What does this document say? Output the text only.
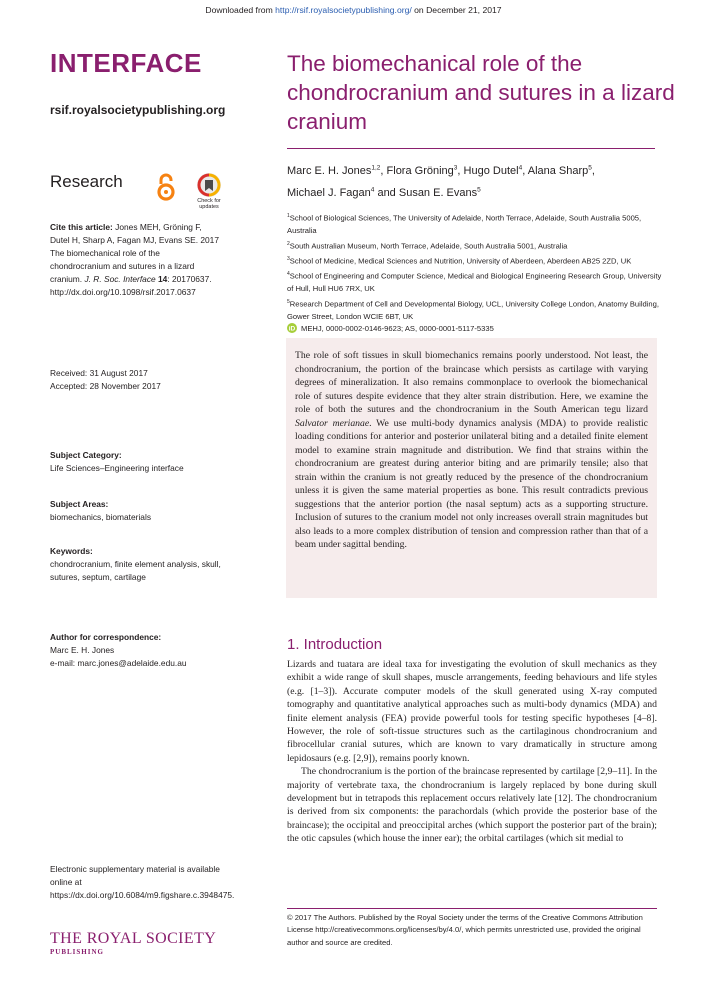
Downloaded from http://rsif.royalsocietypublishing.org/ on December 21, 2017
INTERFACE
rsif.royalsocietypublishing.org
Research
Check for
updates
Cite this article: Jones MEH, Gröning F, Dutel H, Sharp A, Fagan MJ, Evans SE. 2017 The biomechanical role of the chondrocranium and sutures in a lizard cranium. J. R. Soc. Interface 14: 20170637.
http://dx.doi.org/10.1098/rsif.2017.0637
Received: 31 August 2017
Accepted: 28 November 2017
Subject Category:
Life Sciences–Engineering interface
Subject Areas:
biomechanics, biomaterials
Keywords:
chondrocranium, finite element analysis, skull, sutures, septum, cartilage
Author for correspondence:
Marc E. H. Jones
e-mail: marc.jones@adelaide.edu.au
Electronic supplementary material is available online at https://dx.doi.org/10.6084/m9.figshare.c.3948475.
The biomechanical role of the chondrocranium and sutures in a lizard cranium
Marc E. H. Jones$^{1,2}$, Flora Gröning$^3$, Hugo Dutel$^4$, Alana Sharp$^5$,
Michael J. Fagan$^4$ and Susan E. Evans$^5$
$^1$School of Biological Sciences, The University of Adelaide, North Terrace, Adelaide, South Australia 5005, Australia
$^2$South Australian Museum, North Terrace, Adelaide, South Australia 5001, Australia
$^3$School of Medicine, Medical Sciences and Nutrition, University of Aberdeen, Aberdeen AB25 2ZD, UK
$^4$School of Engineering and Computer Science, Medical and Biological Engineering Research Group, University of Hull, Hull HU6 7RX, UK
$^5$Research Department of Cell and Developmental Biology, UCL, University College London, Anatomy Building, Gower Street, London WCIE 6BT, UK
iD MEHJ, 0000-0002-0146-9623; AS, 0000-0001-5117-5335
The role of soft tissues in skull biomechanics remains poorly understood. Not least, the chondrocranium, the portion of the braincase which persists as cartilage with varying degrees of mineralization. It also remains commonplace to overlook the biomechanical role of sutures despite evidence that they alter strain distribution. Here, we examine the role of both the sutures and the chondrocranium in the South American tegu lizard Salvator merianae. We use multi-body dynamics analysis (MDA) to provide realistic loading conditions for anterior and posterior unilateral biting and a detailed finite element model to examine strain magnitude and distribution. We find that strains within the chondrocranium are greatest during anterior biting and are primarily tensile; also that strain within the cranium is not greatly reduced by the presence of the chondrocranium unless it is given the same material properties as bone. This result contradicts previous suggestions that the anterior portion (the nasal septum) acts as a supporting structure. Inclusion of sutures to the cranium model not only increases overall strain magnitudes but also leads to a more complex distribution of tension and compression rather than that of a beam under sagittal bending.
1. Introduction

Lizards and tuatara are ideal taxa for investigating the evolution of skull mechanics as they exhibit a wide range of skull shapes, muscle arrangements, feeding behaviours and life styles (e.g. [1–3]). Accurate computer models of the skull generated using X-ray computed tomography and quantitative analytical approaches such as multi-body dynamics (MDA) and finite element analysis (FEA) provide powerful tools for testing specific hypotheses [4–8]. However, the role of soft-tissue structures such as the cartilaginous chondrocranium and fibrocellular cranial sutures, which are known to vary dramatically in structure among lepidosaurs (e.g. [2,9]), remains poorly known.

The chondrocranium is the portion of the braincase represented by cartilage [2,9–11]. In the majority of vertebrate taxa, the chondrocranium is largely replaced by bone during skull development but in tetrapods this replacement occurs relatively late [12]. The chondrocranium is derived from six components: the parachordals (which provide the posterior base of the braincase); the occipital and preoccipital arches (which support the posterior part of the brain); the otic capsules (which house the inner ear); the orbital cartilages (which sit medial to

© 2017 The Authors. Published by the Royal Society under the terms of the Creative Commons Attribution License http://creativecommons.org/licenses/by/4.0/, which permits unrestricted use, provided the original author and source are credited.
THE ROYAL SOCIETY
PUBLISHING
